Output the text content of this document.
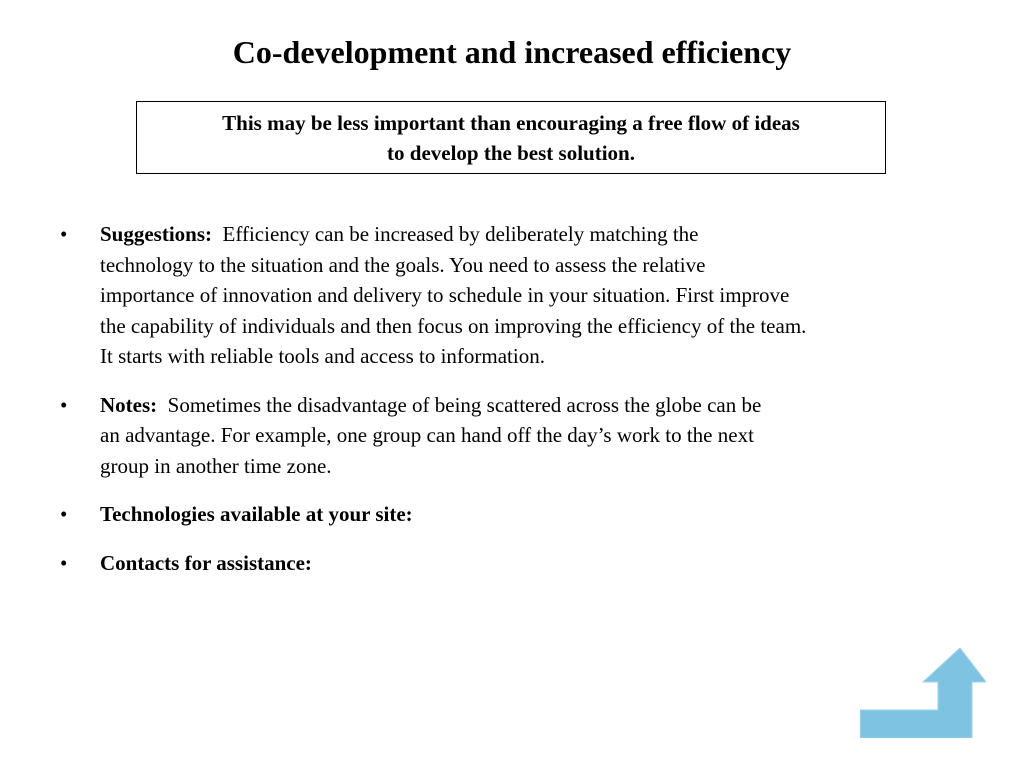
Co-development and increased efficiency
This may be less important than encouraging a free flow of ideas
to develop the best solution.
• Suggestions: Efficiency can be increased by deliberately matching the
technology to the situation and the goals. You need to assess the relative
importance of innovation and delivery to schedule in your situation. First improve
the capability of individuals and then focus on improving the efficiency of the team.
It starts with reliable tools and access to information.
• Notes: Sometimes the disadvantage of being scattered across the globe can be
an advantage. For example, one group can hand off the day’s work to the next
group in another time zone.
• Technologies available at your site:
• Contacts for assistance:
